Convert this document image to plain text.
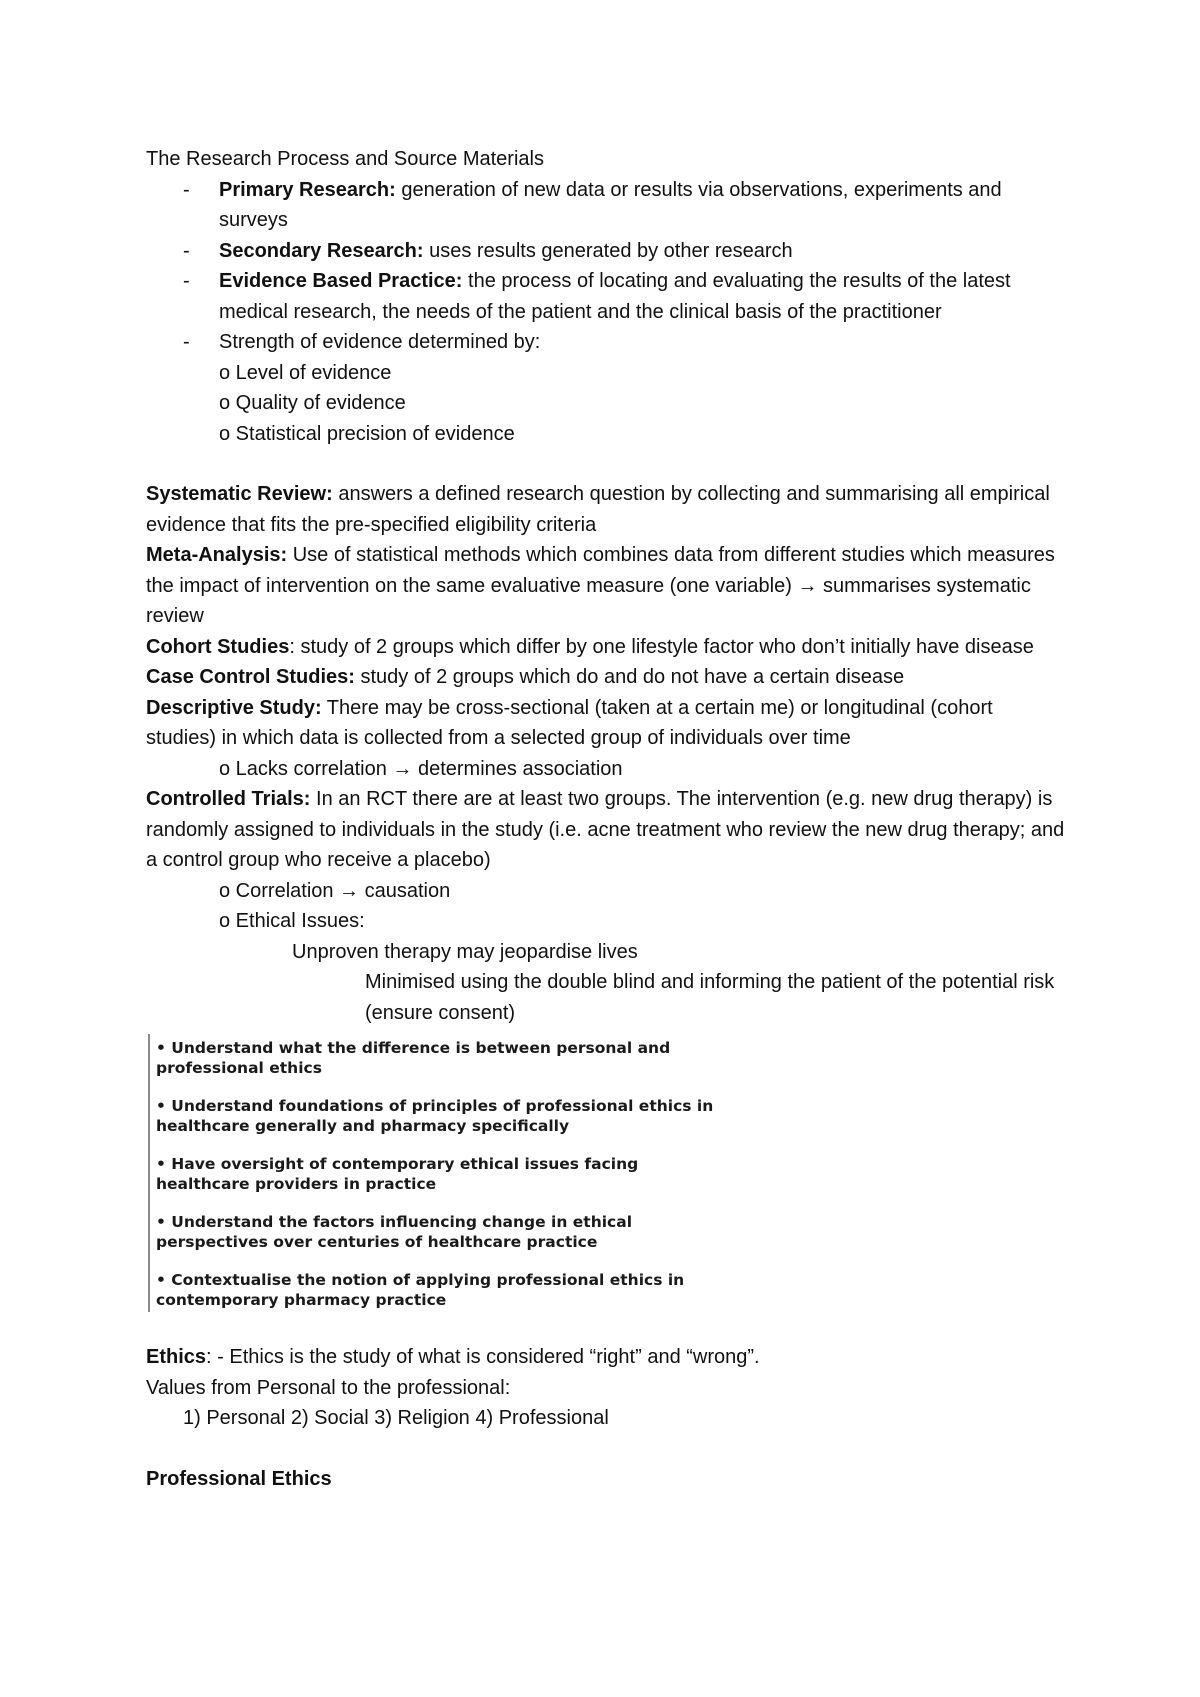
The Research Process and Source Materials
- Primary Research: generation of new data or results via observations, experiments and surveys
- Secondary Research: uses results generated by other research
- Evidence Based Practice: the process of locating and evaluating the results of the latest medical research, the needs of the patient and the clinical basis of the practitioner
- Strength of evidence determined by:
o Level of evidence
o Quality of evidence
o Statistical precision of evidence
Systematic Review: answers a defined research question by collecting and summarising all empirical evidence that fits the pre-specified eligibility criteria
Meta-Analysis: Use of statistical methods which combines data from different studies which measures the impact of intervention on the same evaluative measure (one variable) → summarises systematic review
Cohort Studies: study of 2 groups which differ by one lifestyle factor who don’t initially have disease
Case Control Studies: study of 2 groups which do and do not have a certain disease
Descriptive Study: There may be cross-sectional (taken at a certain me) or longitudinal (cohort studies) in which data is collected from a selected group of individuals over time
o Lacks correlation → determines association
Controlled Trials: In an RCT there are at least two groups. The intervention (e.g. new drug therapy) is randomly assigned to individuals in the study (i.e. acne treatment who review the new drug therapy; and a control group who receive a placebo)
o Correlation → causation
o Ethical Issues:
Unproven therapy may jeopardise lives
Minimised using the double blind and informing the patient of the potential risk (ensure consent)
• Understand what the difference is between personal and professional ethics
• Understand foundations of principles of professional ethics in healthcare generally and pharmacy specifically
• Have oversight of contemporary ethical issues facing healthcare providers in practice
• Understand the factors influencing change in ethical perspectives over centuries of healthcare practice
• Contextualise the notion of applying professional ethics in contemporary pharmacy practice
Ethics: - Ethics is the study of what is considered “right” and “wrong”.
Values from Personal to the professional:
1) Personal 2) Social 3) Religion 4) Professional
Professional Ethics
